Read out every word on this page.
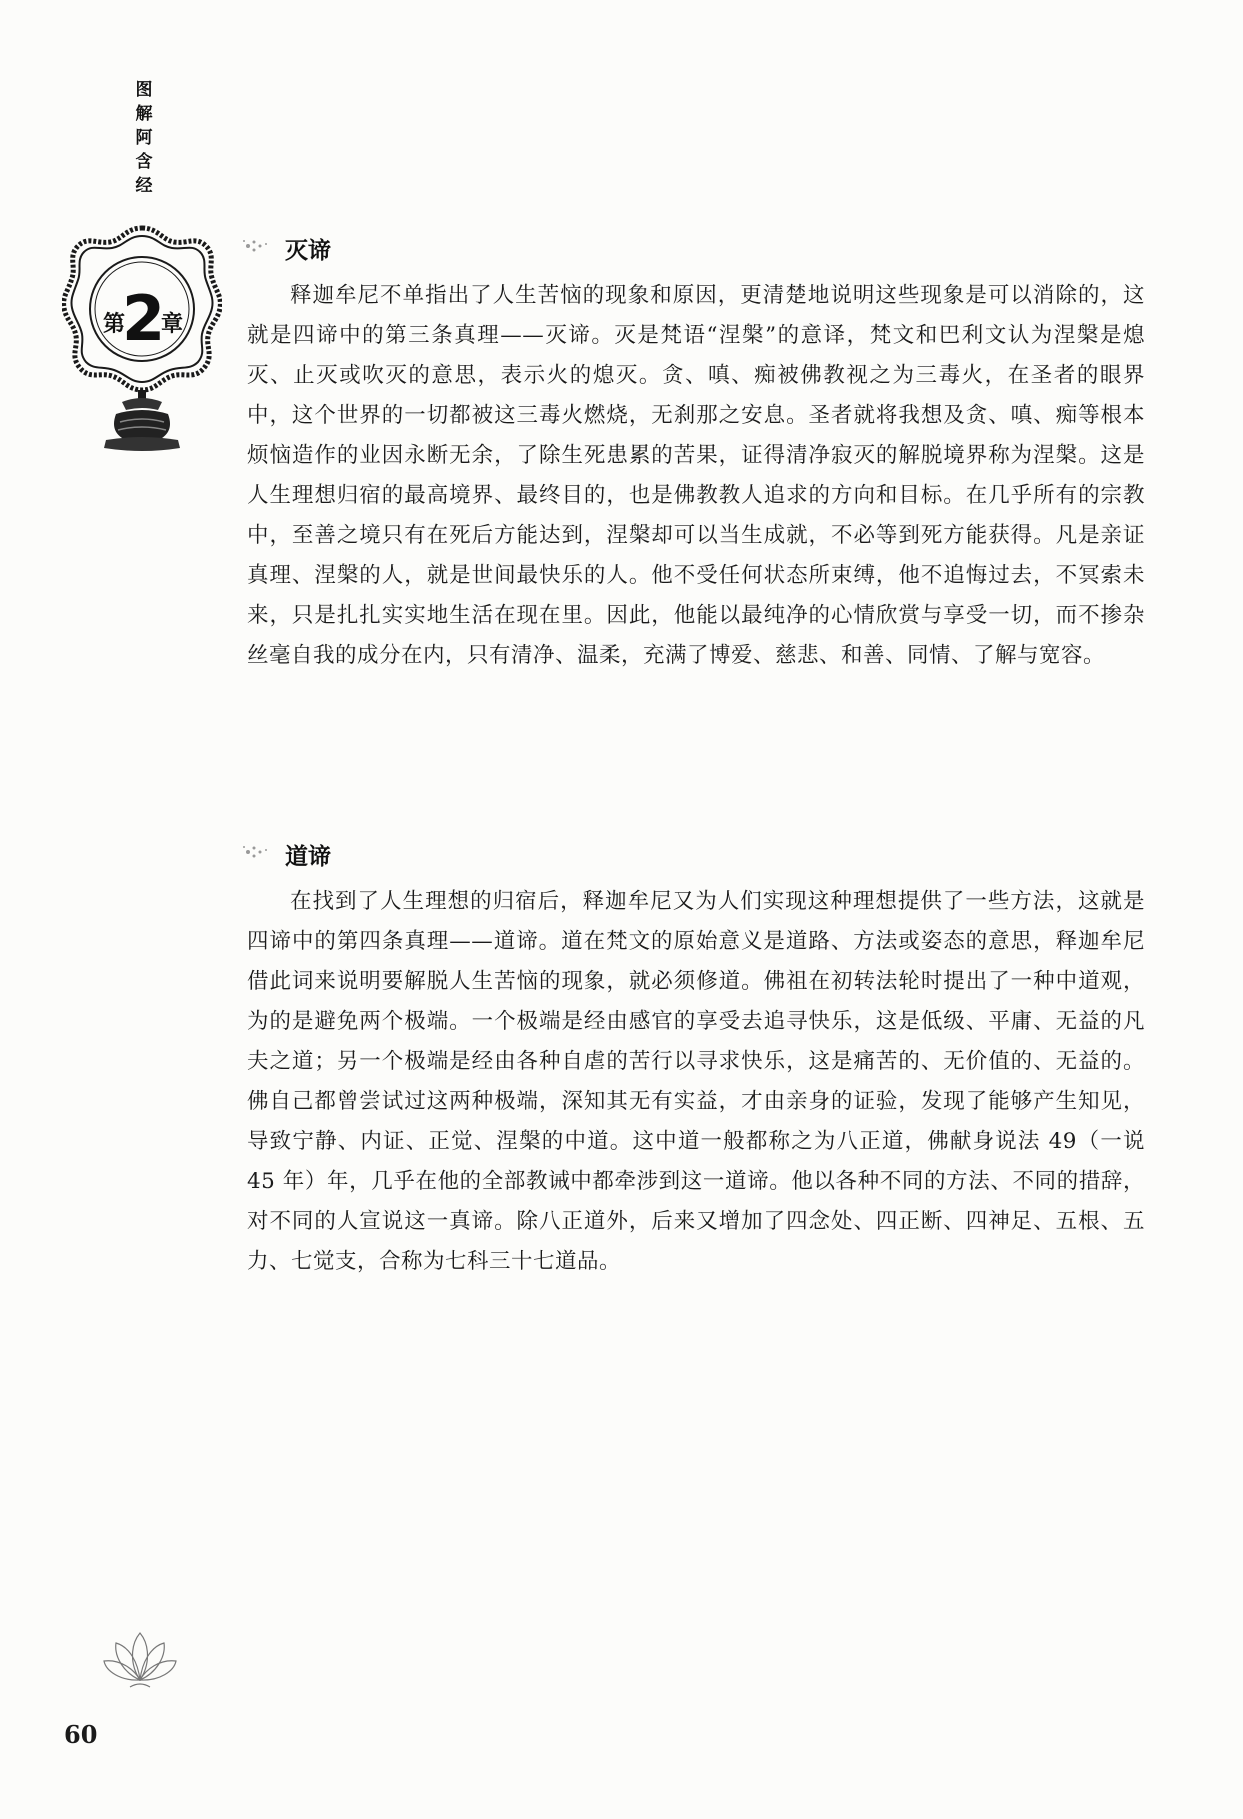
图
解
阿
含
经
第
2
章
灭谛

释迦牟尼不单指出了人生苦恼的现象和原因，更清楚地说明这些现象是可以消除的，这就是四谛中的第三条真理——灭谛。灭是梵语“涅槃”的意译，梵文和巴利文认为涅槃是熄灭、止灭或吹灭的意思，表示火的熄灭。贪、嗔、痴被佛教视之为三毒火，在圣者的眼界中，这个世界的一切都被这三毒火燃烧，无刹那之安息。圣者就将我想及贪、嗔、痴等根本烦恼造作的业因永断无余，了除生死患累的苦果，证得清净寂灭的解脱境界称为涅槃。这是人生理想归宿的最高境界、最终目的，也是佛教教人追求的方向和目标。在几乎所有的宗教中，至善之境只有在死后方能达到，涅槃却可以当生成就，不必等到死方能获得。凡是亲证真理、涅槃的人，就是世间最快乐的人。他不受任何状态所束缚，他不追悔过去，不冥索未来，只是扎扎实实地生活在现在里。因此，他能以最纯净的心情欣赏与享受一切，而不掺杂丝毫自我的成分在内，只有清净、温柔，充满了博爱、慈悲、和善、同情、了解与宽容。

道谛

在找到了人生理想的归宿后，释迦牟尼又为人们实现这种理想提供了一些方法，这就是四谛中的第四条真理——道谛。道在梵文的原始意义是道路、方法或姿态的意思，释迦牟尼借此词来说明要解脱人生苦恼的现象，就必须修道。佛祖在初转法轮时提出了一种中道观，为的是避免两个极端。一个极端是经由感官的享受去追寻快乐，这是低级、平庸、无益的凡夫之道；另一个极端是经由各种自虐的苦行以寻求快乐，这是痛苦的、无价值的、无益的。佛自己都曾尝试过这两种极端，深知其无有实益，才由亲身的证验，发现了能够产生知见，导致宁静、内证、正觉、涅槃的中道。这中道一般都称之为八正道，佛献身说法 49（一说 45 年）年，几乎在他的全部教诫中都牵涉到这一道谛。他以各种不同的方法、不同的措辞，对不同的人宣说这一真谛。除八正道外，后来又增加了四念处、四正断、四神足、五根、五力、七觉支，合称为七科三十七道品。

60
